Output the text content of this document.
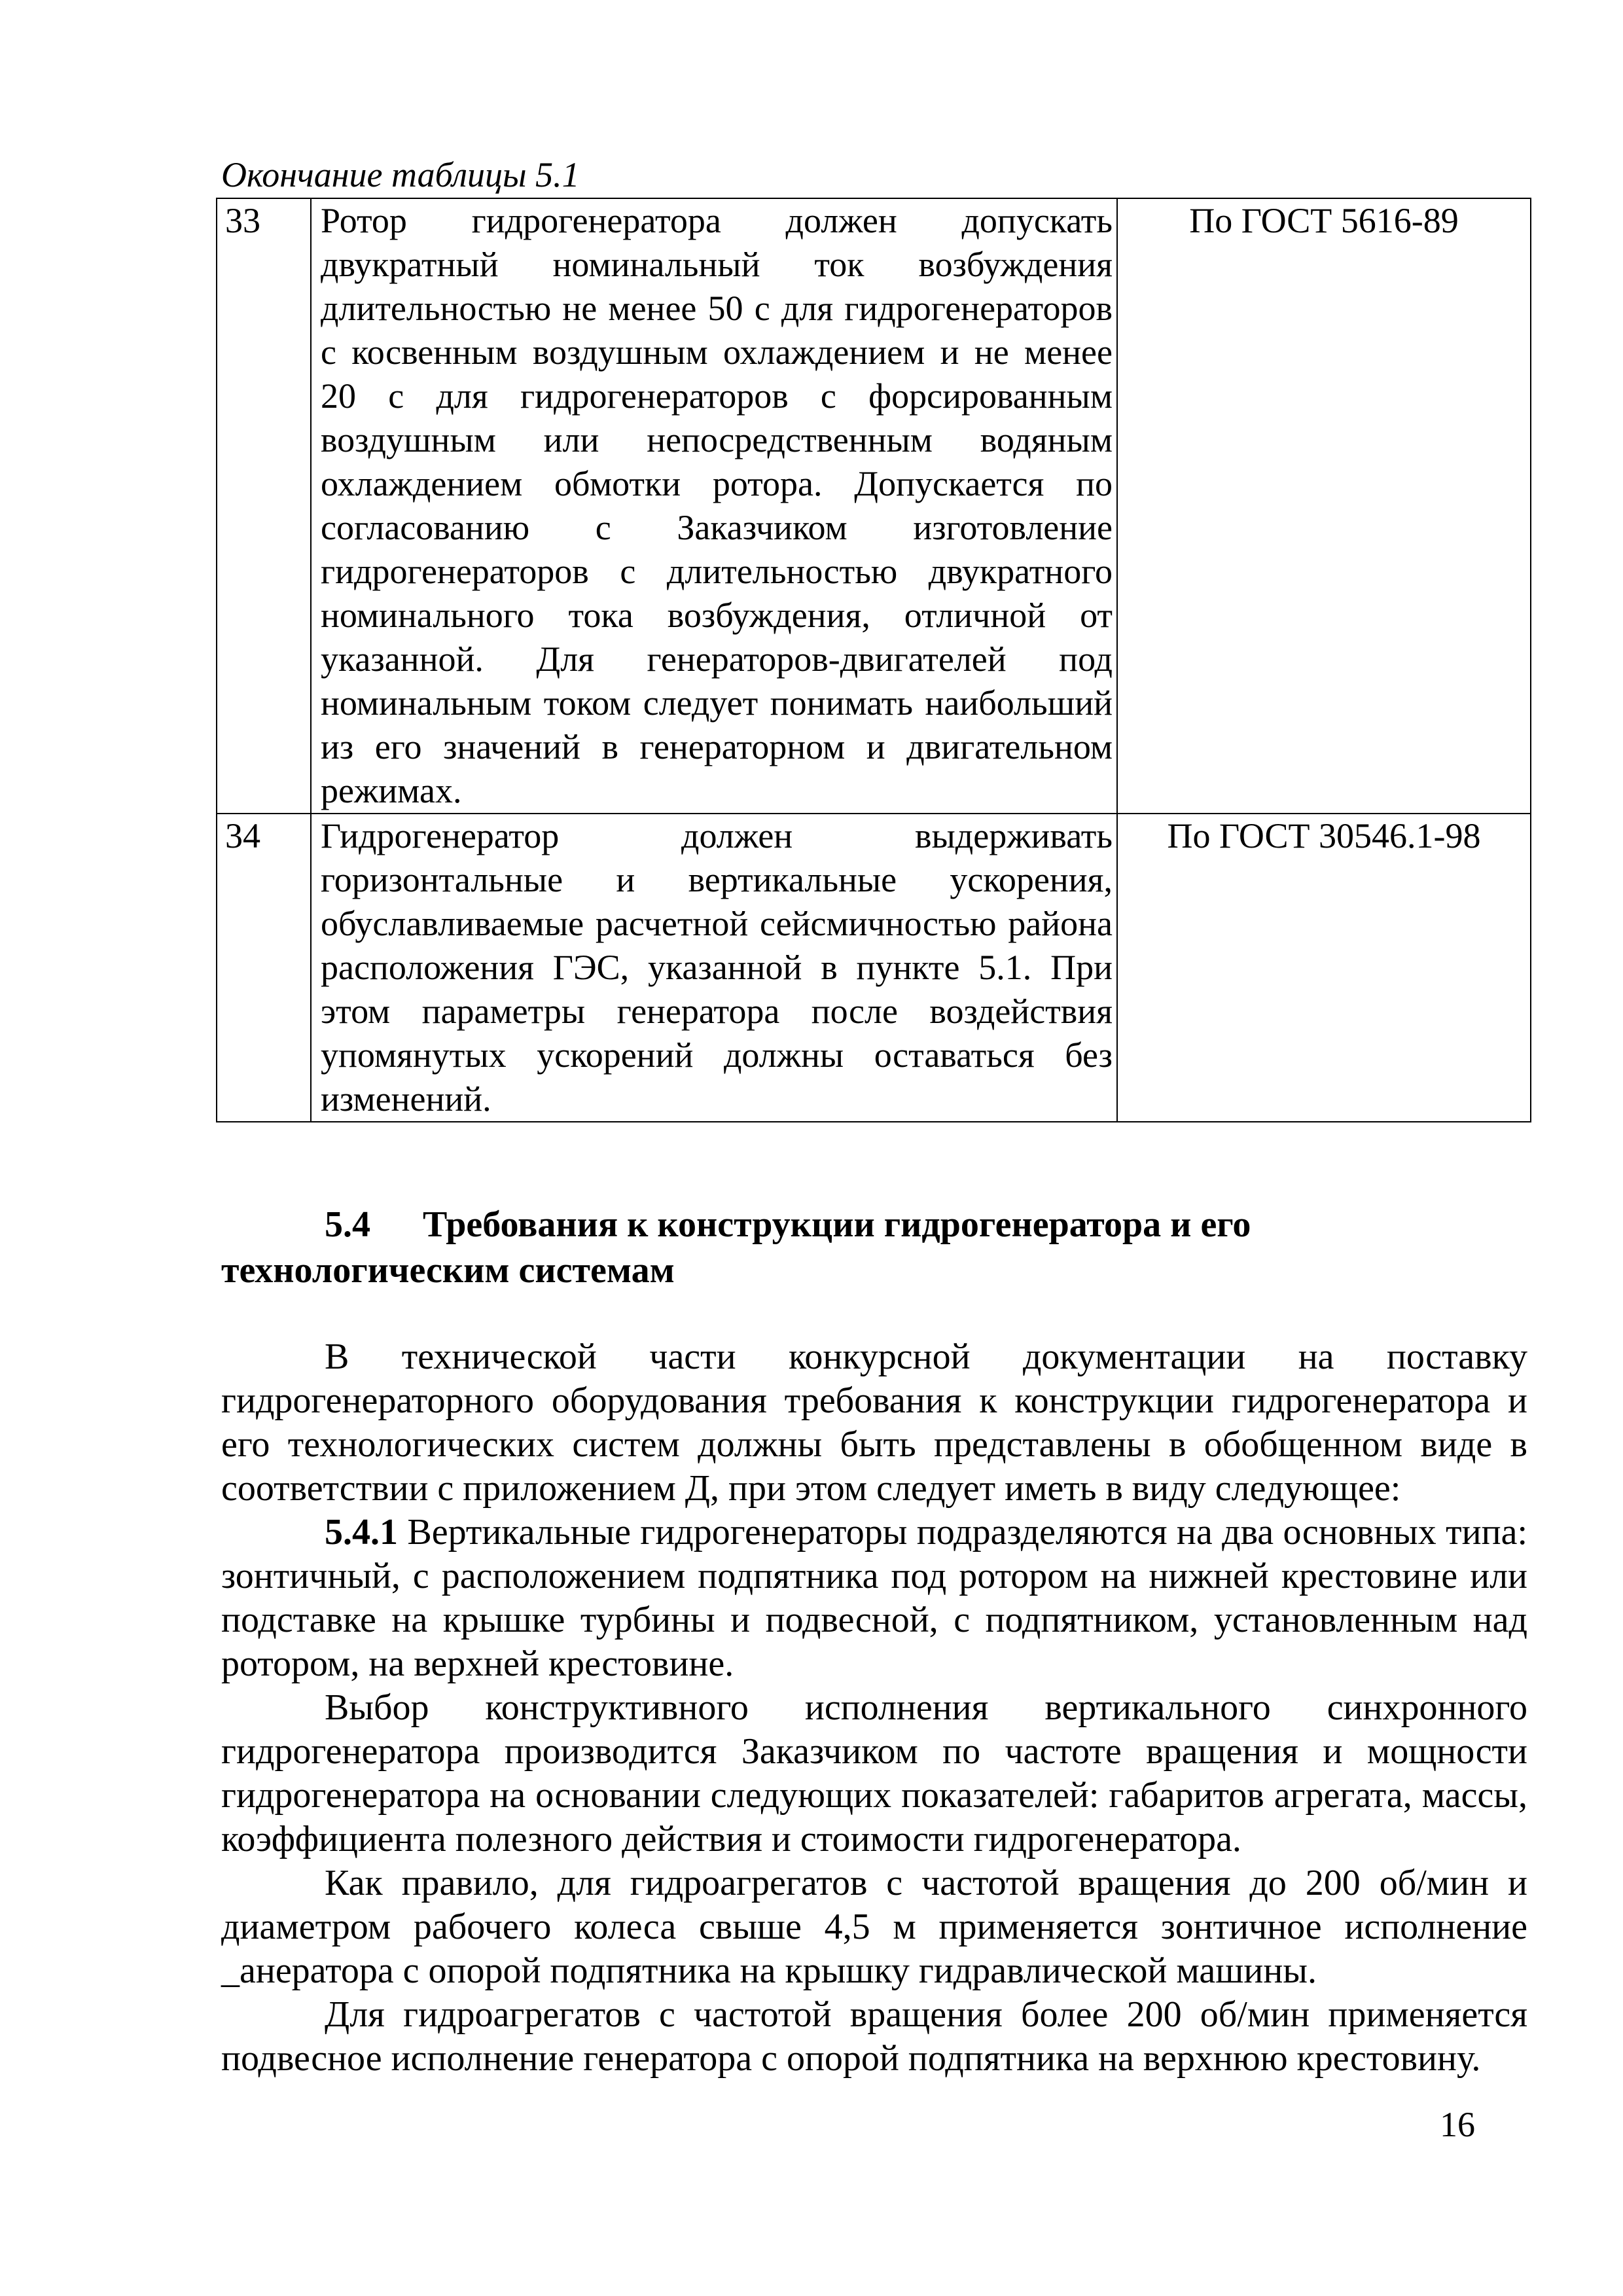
Окончание таблицы 5.1
33	Ротор гидрогенератора должен допускать двукратный номинальный ток возбуждения длительностью не менее 50 с для гидрогенераторов с косвенным воздушным охлаждением и не менее 20 с для гидрогенераторов с форсированным воздушным или непосредственным водяным охлаждением обмотки ротора. Допускается по согласованию с Заказчиком изготовление гидрогенераторов с длительностью двукратного номинального тока возбуждения, отличной от указанной. Для генераторов-двигателей под номинальным током следует понимать наибольший из его значений в генераторном и двигательном режимах.	По ГОСТ 5616-89

34	Гидрогенератор должен выдерживать горизонтальные и вертикальные ускорения, обуславливаемые расчетной сейсмичностью района расположения ГЭС, указанной в пункте 5.1. При этом параметры генератора после воздействия упомянутых ускорений должны оставаться без изменений.	По ГОСТ 30546.1-98
5.4 Требования к конструкции гидрогенератора и его технологическим системам

В технической части конкурсной документации на поставку гидрогенераторного оборудования требования к конструкции гидрогенератора и его технологических систем должны быть представлены в обобщенном виде в соответствии с приложением Д, при этом следует иметь в виду следующее:

5.4.1 Вертикальные гидрогенераторы подразделяются на два основных типа: зонтичный, с расположением подпятника под ротором на нижней крестовине или подставке на крышке турбины и подвесной, с подпятником, установленным над ротором, на верхней крестовине.

Выбор конструктивного исполнения вертикального синхронного гидрогенератора производится Заказчиком по частоте вращения и мощности гидрогенератора на основании следующих показателей: габаритов агрегата, массы, коэффициента полезного действия и стоимости гидрогенератора.

Как правило, для гидроагрегатов с частотой вращения до 200 об/мин и диаметром рабочего колеса свыше 4,5 м применяется зонтичное исполнение _анератора с опорой подпятника на крышку гидравлической машины.

Для гидроагрегатов с частотой вращения более 200 об/мин применяется подвесное исполнение генератора с опорой подпятника на верхнюю крестовину.

16
